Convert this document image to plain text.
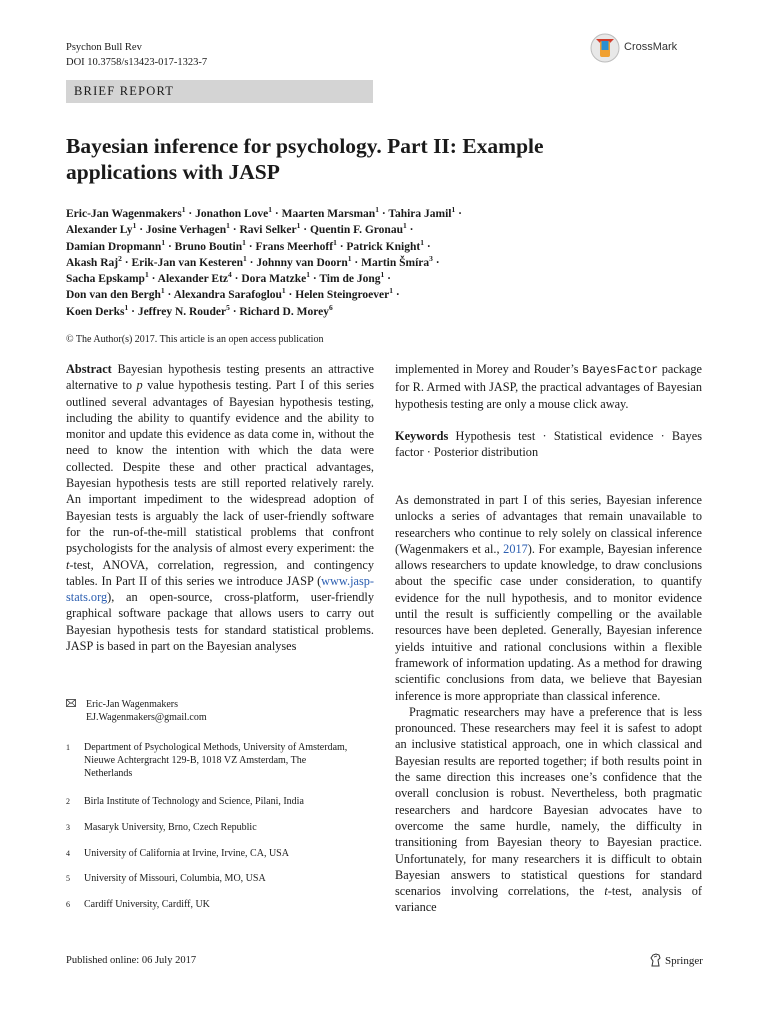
Psychon Bull Rev
DOI 10.3758/s13423-017-1323-7
CrossMark
BRIEF REPORT
Bayesian inference for psychology. Part II: Example
applications with JASP
Eric-Jan Wagenmakers$^1$ · Jonathon Love$^1$ · Maarten Marsman$^1$ · Tahira Jamil$^1$ ·
Alexander $Ly^1 \cdot Josine$ Verhagen$^1$ · Ravi Selker$^1$ · Quentin F. Gronau$^1$ ·
Damian Dropmann$^1$ · Bruno Boutin$^1$ · Frans Meerhoff$^1$ · Patrick Knight$^1$ ·
Akash Raj$^2$ · Erik-Jan van Kesteren$^1$ · Johnny van Doorn$^1$ · Martin Šmíra$^3$ ·
Sacha Epskamp$^1$ · Alexander Etz$^4$ · Dora Matzke$^1$ · Tim de Jong$^1$ ·
Don van den Bergh$^1$ · Alexandra Sarafoglou$^1$ · Helen Steingroever$^1$ ·
Koen Derks$^1$ · Jeffrey N. Rouder$^5$ · Richard D. Morey$^6$
© The Author(s) 2017. This article is an open access publication
Abstract Bayesian hypothesis testing presents an attractive alternative to p value hypothesis testing. Part I of this series outlined several advantages of Bayesian hypothesis testing, including the ability to quantify evidence and the ability to monitor and update this evidence as data come in, without the need to know the intention with which the data were collected. Despite these and other practical advantages, Bayesian hypothesis tests are still reported relatively rarely. An important impediment to the widespread adoption of Bayesian tests is arguably the lack of user-friendly software for the run-of-the-mill statistical problems that confront psychologists for the analysis of almost every experiment: the t-test, ANOVA, correlation, regression, and contingency tables. In Part II of this series we introduce JASP (www.jasp-stats.org), an open-source, cross-platform, user-friendly graphical software package that allows users to carry out Bayesian hypothesis tests for standard statistical problems. JASP is based in part on the Bayesian analyses
implemented in Morey and Rouder’s BayesFactor package for R. Armed with JASP, the practical advantages of Bayesian hypothesis testing are only a mouse click away.
Keywords Hypothesis test · Statistical evidence · Bayes factor · Posterior distribution

As demonstrated in part I of this series, Bayesian inference unlocks a series of advantages that remain unavailable to researchers who continue to rely solely on classical inference (Wagenmakers et al., 2017). For example, Bayesian inference allows researchers to update knowledge, to draw conclusions about the specific case under consideration, to quantify evidence for the null hypothesis, and to monitor evidence until the result is sufficiently compelling or the available resources have been depleted. Generally, Bayesian inference yields intuitive and rational conclusions within a flexible framework of information updating. As a method for drawing scientific conclusions from data, we believe that Bayesian inference is more appropriate than classical inference.

Pragmatic researchers may have a preference that is less pronounced. These researchers may feel it is safest to adopt an inclusive statistical approach, one in which classical and Bayesian results are reported together; if both results point in the same direction this increases one’s confidence that the overall conclusion is robust. Nevertheless, both pragmatic researchers and hardcore Bayesian advocates have to overcome the same hurdle, namely, the difficulty in transitioning from Bayesian theory to Bayesian practice. Unfortunately, for many researchers it is difficult to obtain Bayesian answers to statistical questions for standard scenarios involving correlations, the t-test, analysis of variance

Eric-Jan Wagenmakers
EJ.Wagenmakers@gmail.com
1 Department of Psychological Methods, University of Amsterdam, Nieuwe Achtergracht 129-B, 1018 VZ Amsterdam, The Netherlands
2 Birla Institute of Technology and Science, Pilani, India
3 Masaryk University, Brno, Czech Republic
4 University of California at Irvine, Irvine, CA, USA
5 University of Missouri, Columbia, MO, USA
6 Cardiff University, Cardiff, UK
Published online: 06 July 2017	Springer
